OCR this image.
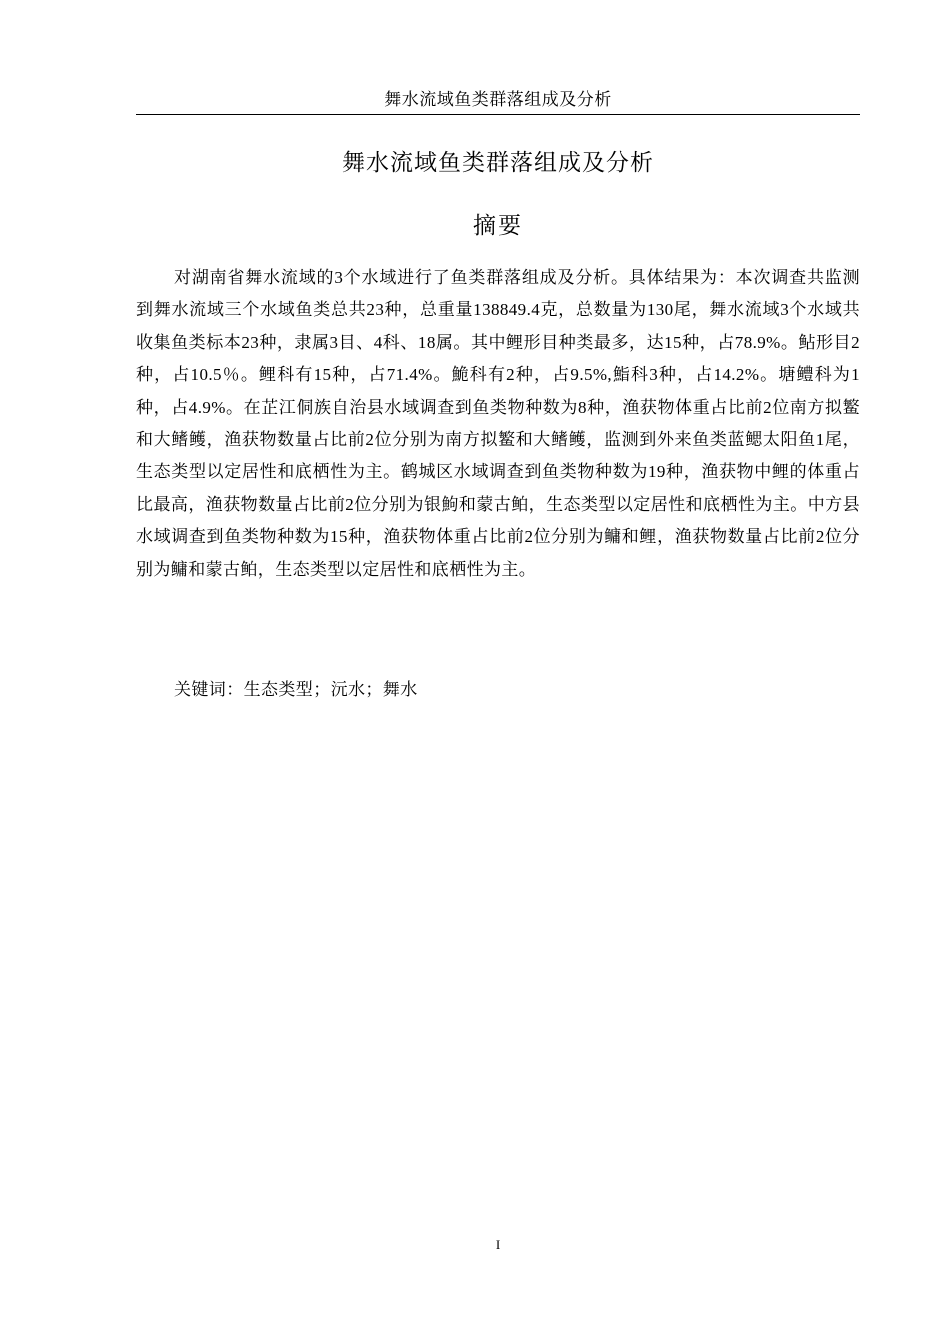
舞水流域鱼类群落组成及分析
舞水流域鱼类群落组成及分析
摘要

对湖南省舞水流域的3个水域进行了鱼类群落组成及分析。具体结果为：本次调查共监测到舞水流域三个水域鱼类总共23种，总重量138849.4克，总数量为130尾，舞水流域3个水域共收集鱼类标本23种，隶属3目、4科、18属。其中鲤形目种类最多，达15种，占78.9%。鲇形目2种，占10.5％。鲤科有15种，占71.4%。鮠科有2种，占9.5%,鮨科3种，占14.2%。塘鳢科为1种，占4.9%。在芷江侗族自治县水域调查到鱼类物种数为8种，渔获物体重占比前2位南方拟鳘和大鳍鳠，渔获物数量占比前2位分别为南方拟鳘和大鳍鳠，监测到外来鱼类蓝鳃太阳鱼1尾，生态类型以定居性和底栖性为主。鹤城区水域调查到鱼类物种数为19种，渔获物中鲤的体重占比最高，渔获物数量占比前2位分别为银鮈和蒙古鲌，生态类型以定居性和底栖性为主。中方县水域调查到鱼类物种数为15种，渔获物体重占比前2位分别为鳙和鲤，渔获物数量占比前2位分别为鳙和蒙古鲌，生态类型以定居性和底栖性为主。

关键词：生态类型；沅水；舞水

I
